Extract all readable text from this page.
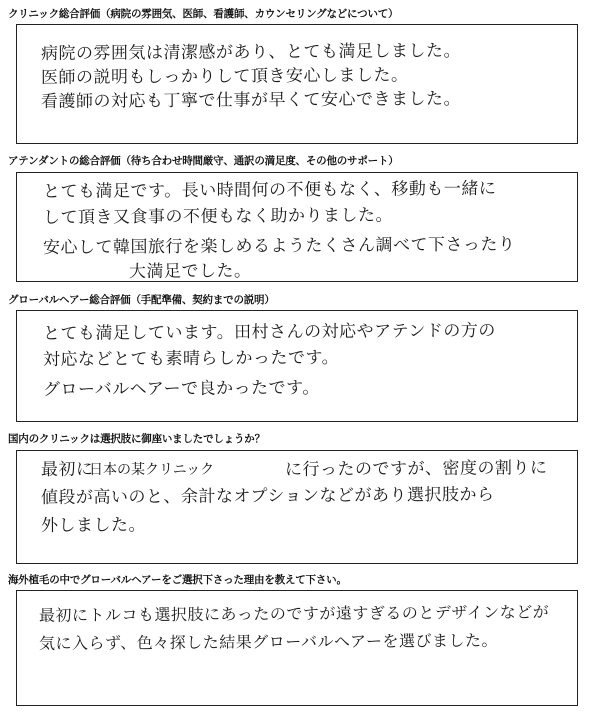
クリニック総合評価（病院の雰囲気、医師、看護師、カウンセリングなどについて）
病院の雰囲気は清潔感があり、とても満足しました。
医師の説明もしっかりして頂き安心しました。
看護師の対応も丁寧で仕事が早くて安心できました。
アテンダントの総合評価（待ち合わせ時間厳守、通訳の満足度、その他のサポート）
とても満足です。長い時間何の不便もなく、移動も一緒に
して頂き又食事の不便もなく助かりました。
安心して韓国旅行を楽しめるようたくさん調べて下さったり
大満足でした。
グローバルヘアー総合評価（手配準備、契約までの説明）
とても満足しています。田村さんの対応やアテンドの方の
対応などとても素晴らしかったです。
グローバルヘアーで良かったです。
国内のクリニックは選択肢に御座いましたでしょうか？
最初に
日本の某クリニック	に行ったのですが、密度の割りに
値段が高いのと、余計なオプションなどがあり選択肢から
外しました。
海外植毛の中でグローバルヘアーをご選択下さった理由を教えて下さい。
最初にトルコも選択肢にあったのですが遠すぎるのとデザインなどが
気に入らず、色々探した結果グローバルヘアーを選びました。
